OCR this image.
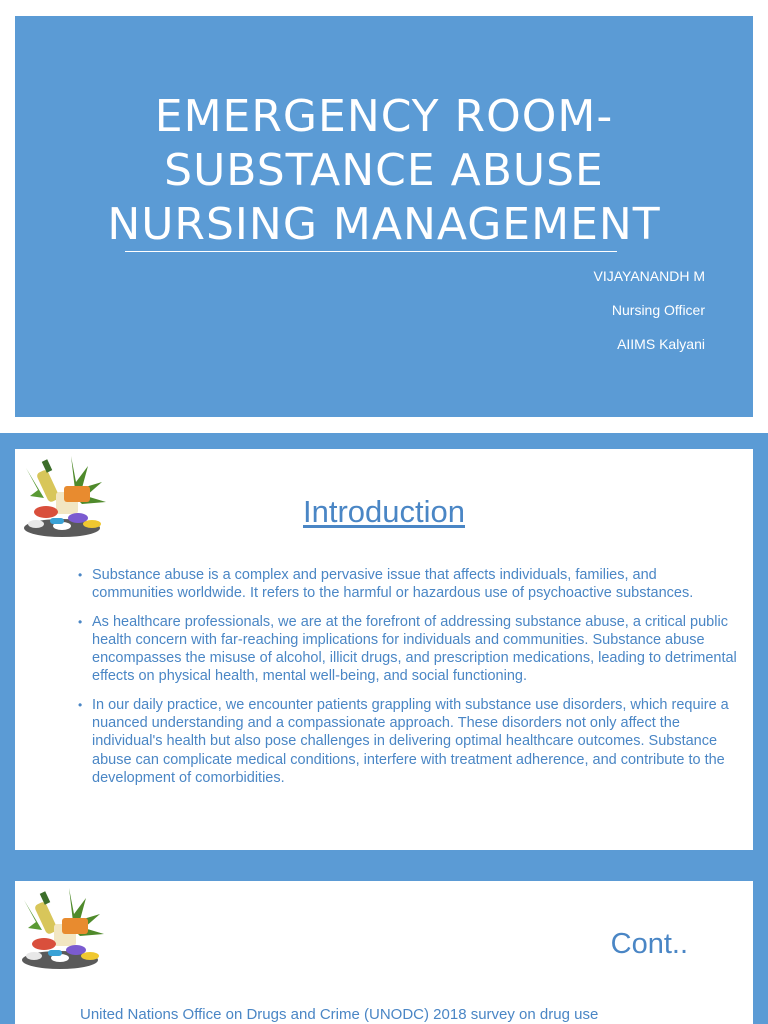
EMERGENCY ROOM-
SUBSTANCE ABUSE
NURSING MANAGEMENT
VIJAYANANDH M
Nursing Officer
AIIMS Kalyani
Introduction
• Substance abuse is a complex and pervasive issue that affects individuals, families, and communities worldwide. It refers to the harmful or hazardous use of psychoactive substances.
• As healthcare professionals, we are at the forefront of addressing substance abuse, a critical public health concern with far-reaching implications for individuals and communities. Substance abuse encompasses the misuse of alcohol, illicit drugs, and prescription medications, leading to detrimental effects on physical health, mental well-being, and social functioning.
• In our daily practice, we encounter patients grappling with substance use disorders, which require a nuanced understanding and a compassionate approach. These disorders not only affect the individual's health but also pose challenges in delivering optimal healthcare outcomes. Substance abuse can complicate medical conditions, interfere with treatment adherence, and contribute to the development of comorbidities.
Cont..
United Nations Office on Drugs and Crime (UNODC) 2018 survey on drug use
